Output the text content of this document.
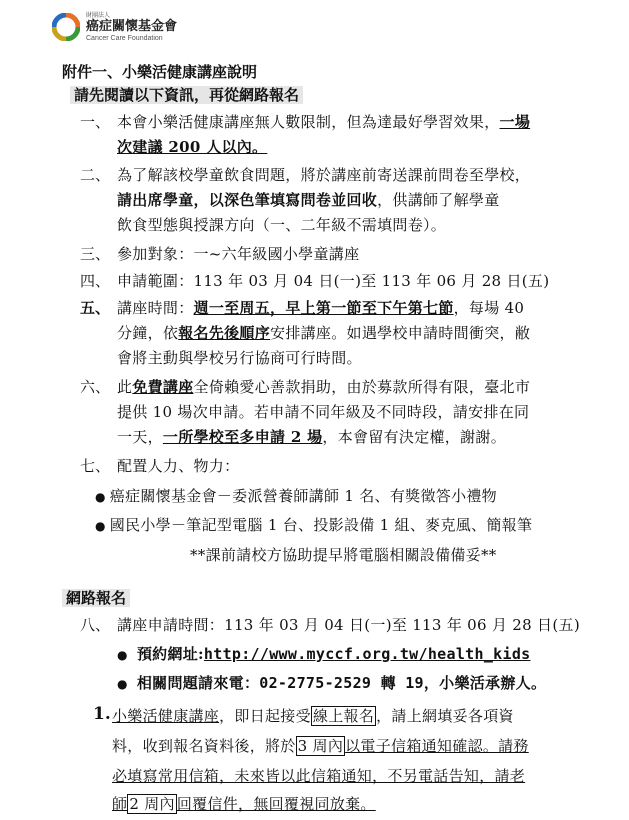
財團法人
癌症關懷基金會
Cancer Care Foundation
附件一、小樂活健康講座說明
請先閱讀以下資訊，再從網路報名
一、 本會小樂活健康講座無人數限制，但為達最好學習效果，一場
次建議 200 人以內。
二、 為了解該校學童飲食問題，將於講座前寄送課前問卷至學校，
請出席學童，以深色筆填寫問卷並回收，供講師了解學童
飲食型態與授課方向（一、二年級不需填問卷）。
三、 參加對象：一~六年級國小學童講座
四、 申請範圍：113 年 03 月 04 日(一)至 113 年 06 月 28 日(五)
五、 講座時間：週一至周五，早上第一節至下午第七節，每場 40
分鐘，依報名先後順序安排講座。如遇學校申請時間衝突，敝
會將主動與學校另行協商可行時間。
六、 此免費講座全倚賴愛心善款捐助，由於募款所得有限，臺北市
提供 10 場次申請。若申請不同年級及不同時段，請安排在同
一天，一所學校至多申請 2 場，本會留有決定權，謝謝。
七、 配置人力、物力：
● 癌症關懷基金會－委派營養師講師 1 名、有獎徵答小禮物
● 國民小學－筆記型電腦 1 台、投影設備 1 組、麥克風、簡報筆
**課前請校方協助提早將電腦相關設備備妥**
網路報名
八、 講座申請時間：113 年 03 月 04 日(一)至 113 年 06 月 28 日(五)
● 預約網址:http://www.myccf.org.tw/health_kids
● 相關問題請來電：02-2775-2529 轉 19，小樂活承辦人。
1. 小樂活健康講座，即日起接受 線上報名 ，請上網填妥各項資
料，收到報名資料後，將於 3 周內 以電子信箱通知確認。請務
必填寫常用信箱，未來皆以此信箱通知，不另電話告知，請老
師 2 周內 回覆信件，無回覆視同放棄。
